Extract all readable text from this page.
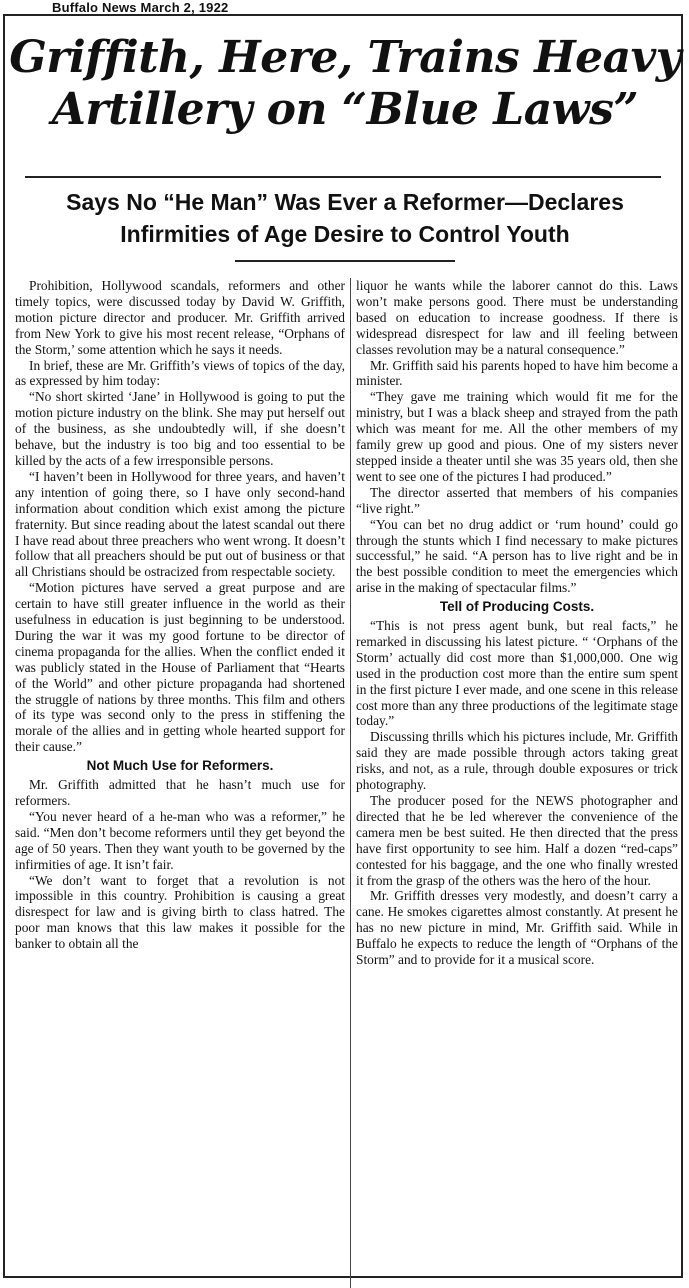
Buffalo News March 2, 1922
Griffith, Here, Trains Heavy
Artillery on “Blue Laws”
Says No “He Man” Was Ever a Reformer—Declares
Infirmities of Age Desire to Control Youth

Prohibition, Hollywood scandals, reformers and other timely topics, were discussed today by David W. Griffith, motion picture director and producer. Mr. Griffith arrived from New York to give his most recent release, “Orphans of the Storm,’ some attention which he says it needs.

In brief, these are Mr. Griffith’s views of topics of the day, as expressed by him today:

“No short skirted ‘Jane’ in Hollywood is going to put the motion picture industry on the blink. She may put herself out of the business, as she undoubtedly will, if she doesn’t behave, but the industry is too big and too essential to be killed by the acts of a few irresponsible persons.

“I haven’t been in Hollywood for three years, and haven’t any intention of going there, so I have only second-hand information about condition which exist among the picture fraternity. But since reading about the latest scandal out there I have read about three preachers who went wrong. It doesn’t follow that all preachers should be put out of business or that all Christians should be ostracized from respectable society.

“Motion pictures have served a great purpose and are certain to have still greater influence in the world as their usefulness in education is just beginning to be understood. During the war it was my good fortune to be director of cinema propaganda for the allies. When the conflict ended it was publicly stated in the House of Parliament that “Hearts of the World” and other picture propaganda had shortened the struggle of nations by three months. This film and others of its type was second only to the press in stiffening the morale of the allies and in getting whole hearted support for their cause.”

Not Much Use for Reformers.

Mr. Griffith admitted that he hasn’t much use for reformers.

“You never heard of a he-man who was a reformer,” he said. “Men don’t become reformers until they get beyond the age of 50 years. Then they want youth to be governed by the infirmities of age. It isn’t fair.

“We don’t want to forget that a revolution is not impossible in this country. Prohibition is causing a great disrespect for law and is giving birth to class hatred. The poor man knows that this law makes it possible for the banker to obtain all the

liquor he wants while the laborer cannot do this. Laws won’t make persons good. There must be understanding based on education to increase goodness. If there is widespread disrespect for law and ill feeling between classes revolution may be a natural consequence.”

Mr. Griffith said his parents hoped to have him become a minister.

“They gave me training which would fit me for the ministry, but I was a black sheep and strayed from the path which was meant for me. All the other members of my family grew up good and pious. One of my sisters never stepped inside a theater until she was 35 years old, then she went to see one of the pictures I had produced.”

The director asserted that members of his companies “live right.”

“You can bet no drug addict or ‘rum hound’ could go through the stunts which I find necessary to make pictures successful,” he said. “A person has to live right and be in the best possible condition to meet the emergencies which arise in the making of spectacular films.”

Tell of Producing Costs.

“This is not press agent bunk, but real facts,” he remarked in discussing his latest picture. “ ‘Orphans of the Storm’ actually did cost more than $1,000,000. One wig used in the production cost more than the entire sum spent in the first picture I ever made, and one scene in this release cost more than any three productions of the legitimate stage today.”

Discussing thrills which his pictures include, Mr. Griffith said they are made possible through actors taking great risks, and not, as a rule, through double exposures or trick photography.

The producer posed for the NEWS photographer and directed that he be led wherever the convenience of the camera men be best suited. He then directed that the press have first opportunity to see him. Half a dozen “red-caps” contested for his baggage, and the one who finally wrested it from the grasp of the others was the hero of the hour.

Mr. Griffith dresses very modestly, and doesn’t carry a cane. He smokes cigarettes almost constantly. At present he has no new picture in mind, Mr. Griffith said. While in Buffalo he expects to reduce the length of “Orphans of the Storm” and to provide for it a musical score.
